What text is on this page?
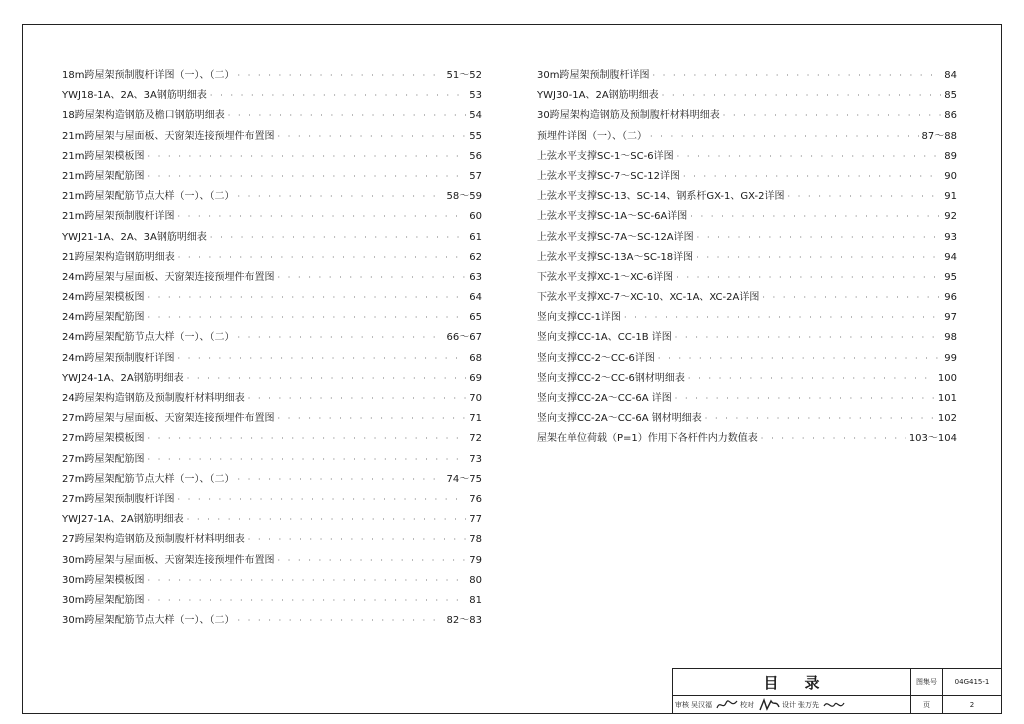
18m跨屋架预制腹杆详图（一）、（二） · · ·	51～52
YWJ18-1A、2A、3A钢筋明细表 · · ·	53
18跨屋架构造钢筋及檐口钢筋明细表 · · ·	54
21m跨屋架与屋面板、天窗架连接预埋件布置图 · · ·	55
21m跨屋架模板图 · · ·	56
21m跨屋架配筋图 · · ·	57
21m跨屋架配筋节点大样（一）、（二） · · ·	58～59
21m跨屋架预制腹杆详图 · · ·	60
YWJ21-1A、2A、3A钢筋明细表 · · ·	61
21跨屋架构造钢筋明细表 · · ·	62
24m跨屋架与屋面板、天窗架连接预埋件布置图 · · ·	63
24m跨屋架模板图 · · ·	64
24m跨屋架配筋图 · · ·	65
24m跨屋架配筋节点大样（一）、（二） · · ·	66～67
24m跨屋架预制腹杆详图 · · ·	68
YWJ24-1A、2A钢筋明细表 · · ·	69
24跨屋架构造钢筋及预制腹杆材料明细表 · · ·	70
27m跨屋架与屋面板、天窗架连接预埋件布置图 · · ·	71
27m跨屋架模板图 · · ·	72
27m跨屋架配筋图 · · ·	73
27m跨屋架配筋节点大样（一）、（二） · · ·	74～75
27m跨屋架预制腹杆详图 · · ·	76
YWJ27-1A、2A钢筋明细表 · · ·	77
27跨屋架构造钢筋及预制腹杆材料明细表 · · ·	78
30m跨屋架与屋面板、天窗架连接预埋件布置图 · · ·	79
30m跨屋架模板图 · · ·	80
30m跨屋架配筋图 · · ·	81
30m跨屋架配筋节点大样（一）、（二） · · ·	82～83
30m跨屋架预制腹杆详图 · · ·	84
YWJ30-1A、2A钢筋明细表 · · ·	85
30跨屋架构造钢筋及预制腹杆材料明细表 · · ·	86
预埋件详图（一）、（二） · · ·	87～88
上弦水平支撑SC-1～SC-6详图 · · ·	89
上弦水平支撑SC-7～SC-12详图 · · ·	90
上弦水平支撑SC-13、SC-14、钢系杆GX-1、GX-2详图 · · ·	91
上弦水平支撑SC-1A～SC-6A详图 · · ·	92
上弦水平支撑SC-7A～SC-12A详图 · · ·	93
上弦水平支撑SC-13A～SC-18详图 · · ·	94
下弦水平支撑XC-1～XC-6详图 · · ·	95
下弦水平支撑XC-7～XC-10、XC-1A、XC-2A详图 · · ·	96
竖向支撑CC-1详图 · · ·	97
竖向支撑CC-1A、CC-1B 详图 · · ·	98
竖向支撑CC-2～CC-6详图 · · ·	99
竖向支撑CC-2～CC-6钢材明细表 · · ·	100
竖向支撑CC-2A～CC-6A 详图 · · ·	101
竖向支撑CC-2A～CC-6A 钢材明细表 · · ·	102
屋架在单位荷载（P=1）作用下各杆件内力数值表 · · ·	103～104
目录	图集号	04G415-1
审核 吴汉福	校对	设计 张万先	页	2
